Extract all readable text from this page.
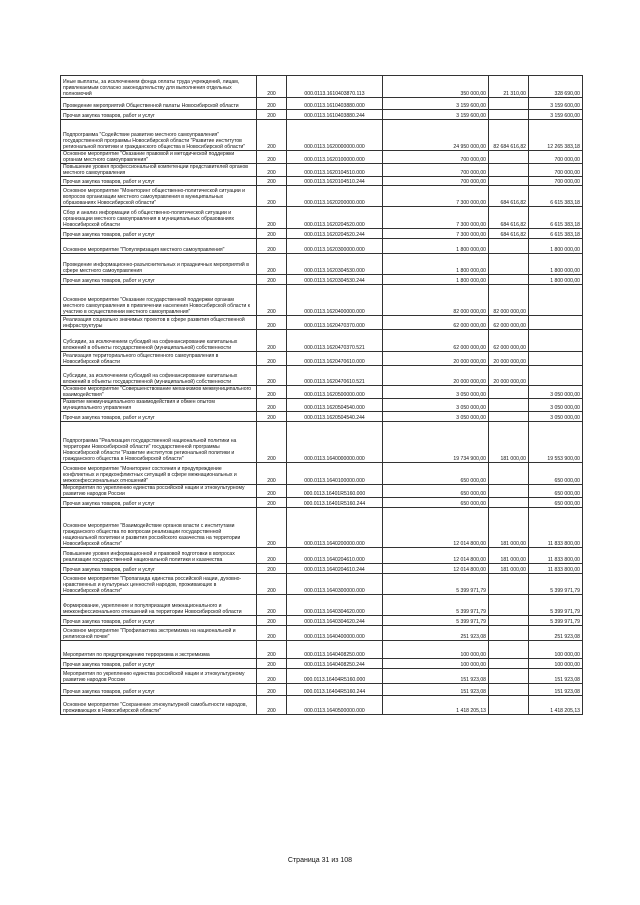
Иные выплаты, за исключением фонда оплаты труда учреждений, лицам, привлекаемым согласно законодательству для выполнения отдельных полномочий	200	000.0113.1610403870.113	350 000,00	21 310,00	328 690,00
Проведение мероприятий Общественной палаты Новосибирской области	200	000.0113.1610403880.000	3 159 600,00		3 159 600,00
Прочая закупка товаров, работ и услуг	200	000.0113.1610403880.244	3 159 600,00		3 159 600,00
Подпрограмма "Содействие развитию местного самоуправления" государственной программы Новосибирской области "Развитие институтов региональной политики и гражданского общества в Новосибирской области"	200	000.0113.1620000000.000	24 950 000,00	82 684 616,82	12 265 383,18
Основное мероприятие "Оказание правовой и методической поддержки органам местного самоуправления"	200	000.0113.1620100000.000	700 000,00		700 000,00
Повышение уровня профессиональной компетенции представителей органов местного самоуправления	200	000.0113.1620104510.000	700 000,00		700 000,00
Прочая закупка товаров, работ и услуг	200	000.0113.1620104510.244	700 000,00		700 000,00
Основное мероприятие "Мониторинг общественно-политической ситуации и вопросов организации местного самоуправления в муниципальных образованиях Новосибирской области"	200	000.0113.1620200000.000	7 300 000,00	684 616,82	6 615 383,18
Сбор и анализ информации об общественно-политической ситуации и организации местного самоуправления в муниципальных образованиях Новосибирской области	200	000.0113.1620204520.000	7 300 000,00	684 616,82	6 615 383,18
Прочая закупка товаров, работ и услуг	200	000.0113.1620204520.244	7 300 000,00	684 616,82	6 615 383,18
Основное мероприятие "Популяризация местного самоуправления"	200	000.0113.1620300000.000	1 800 000,00		1 800 000,00
Проведение информационно-разъяснительных и праздничных мероприятий в сфере местного самоуправления	200	000.0113.1620304530.000	1 800 000,00		1 800 000,00
Прочая закупка товаров, работ и услуг	200	000.0113.1620304530.244	1 800 000,00		1 800 000,00
Основное мероприятие "Оказание государственной поддержки органам местного самоуправления в привлечении населения Новосибирской области к участию в осуществлении местного самоуправления"	200	000.0113.1620400000.000	82 000 000,00	82 000 000,00	
Реализация социально значимых проектов в сфере развития общественной инфраструктуры	200	000.0113.1620470370.000	62 000 000,00	62 000 000,00	
Субсидии, за исключением субсидий на софинансирование капитальных вложений в объекты государственной (муниципальной) собственности	200	000.0113.1620470370.521	62 000 000,00	62 000 000,00	
Реализация территориального общественного самоуправления в Новосибирской области	200	000.0113.1620470610.000	20 000 000,00	20 000 000,00	
Субсидии, за исключением субсидий на софинансирование капитальных вложений в объекты государственной (муниципальной) собственности	200	000.0113.1620470610.521	20 000 000,00	20 000 000,00	
Основное мероприятие "Совершенствование механизмов межмуниципального взаимодействия"	200	000.0113.1620500000.000	3 050 000,00		3 050 000,00
Развитие межмуниципального взаимодействия и обмен опытом муниципального управления	200	000.0113.1620504540.000	3 050 000,00		3 050 000,00
Прочая закупка товаров, работ и услуг	200	000.0113.1620504540.244	3 050 000,00		3 050 000,00
Подпрограмма "Реализация государственной национальной политики на территории Новосибирской области" государственной программы Новосибирской области "Развитие институтов региональной политики и гражданского общества в Новосибирской области"	200	000.0113.1640000000.000	19 734 900,00	181 000,00	19 553 900,00
Основное мероприятие "Мониторинг состояния и предупреждение конфликтных и предконфликтных ситуаций в сфере межнациональных и межконфессиональных отношений"	200	000.0113.1640100000.000	650 000,00		650 000,00
Мероприятия по укреплению единства российской нации и этнокультурному развитию народов России	200	000.0113.16401R5160.000	650 000,00		650 000,00
Прочая закупка товаров, работ и услуг	200	000.0113.16401R5160.244	650 000,00		650 000,00
Основное мероприятие "Взаимодействие органов власти с институтами гражданского общества по вопросам реализации государственной национальной политики и развития российского казачества на территории Новосибирской области"	200	000.0113.1640200000.000	12 014 800,00	181 000,00	11 833 800,00
Повышение уровня информационной и правовой подготовки в вопросах реализации государственной национальной политики и казачества	200	000.0113.1640204610.000	12 014 800,00	181 000,00	11 833 800,00
Прочая закупка товаров, работ и услуг	200	000.0113.1640204610.244	12 014 800,00	181 000,00	11 833 800,00
Основное мероприятие "Пропаганда единства российской нации, духовно-нравственных и культурных ценностей народов, проживающих в Новосибирской области"	200	000.0113.1640300000.000	5 399 971,79		5 399 971,79
Формирование, укрепление и популяризация межнационального и межконфессионального отношений на территории Новосибирской области	200	000.0113.1640304620.000	5 399 971,79		5 399 971,79
Прочая закупка товаров, работ и услуг	200	000.0113.1640304620.244	5 399 971,79		5 399 971,79
Основное мероприятие "Профилактика экстремизма на национальной и религиозной почве"	200	000.0113.1640400000.000	251 923,08		251 923,08
Мероприятия по предупреждению терроризма и экстремизма	200	000.0113.1640408250.000	100 000,00		100 000,00
Прочая закупка товаров, работ и услуг	200	000.0113.1640408250.244	100 000,00		100 000,00
Мероприятия по укреплению единства российской нации и этнокультурному развитию народов России	200	000.0113.16404R5160.000	151 923,08		151 923,08
Прочая закупка товаров, работ и услуг	200	000.0113.16404R5160.244	151 923,08		151 923,08
Основное мероприятие "Сохранение этнокультурной самобытности народов, проживающих в Новосибирской области"	200	000.0113.1640500000.000	1 418 205,13		1 418 205,13
Страница 31 из 108
